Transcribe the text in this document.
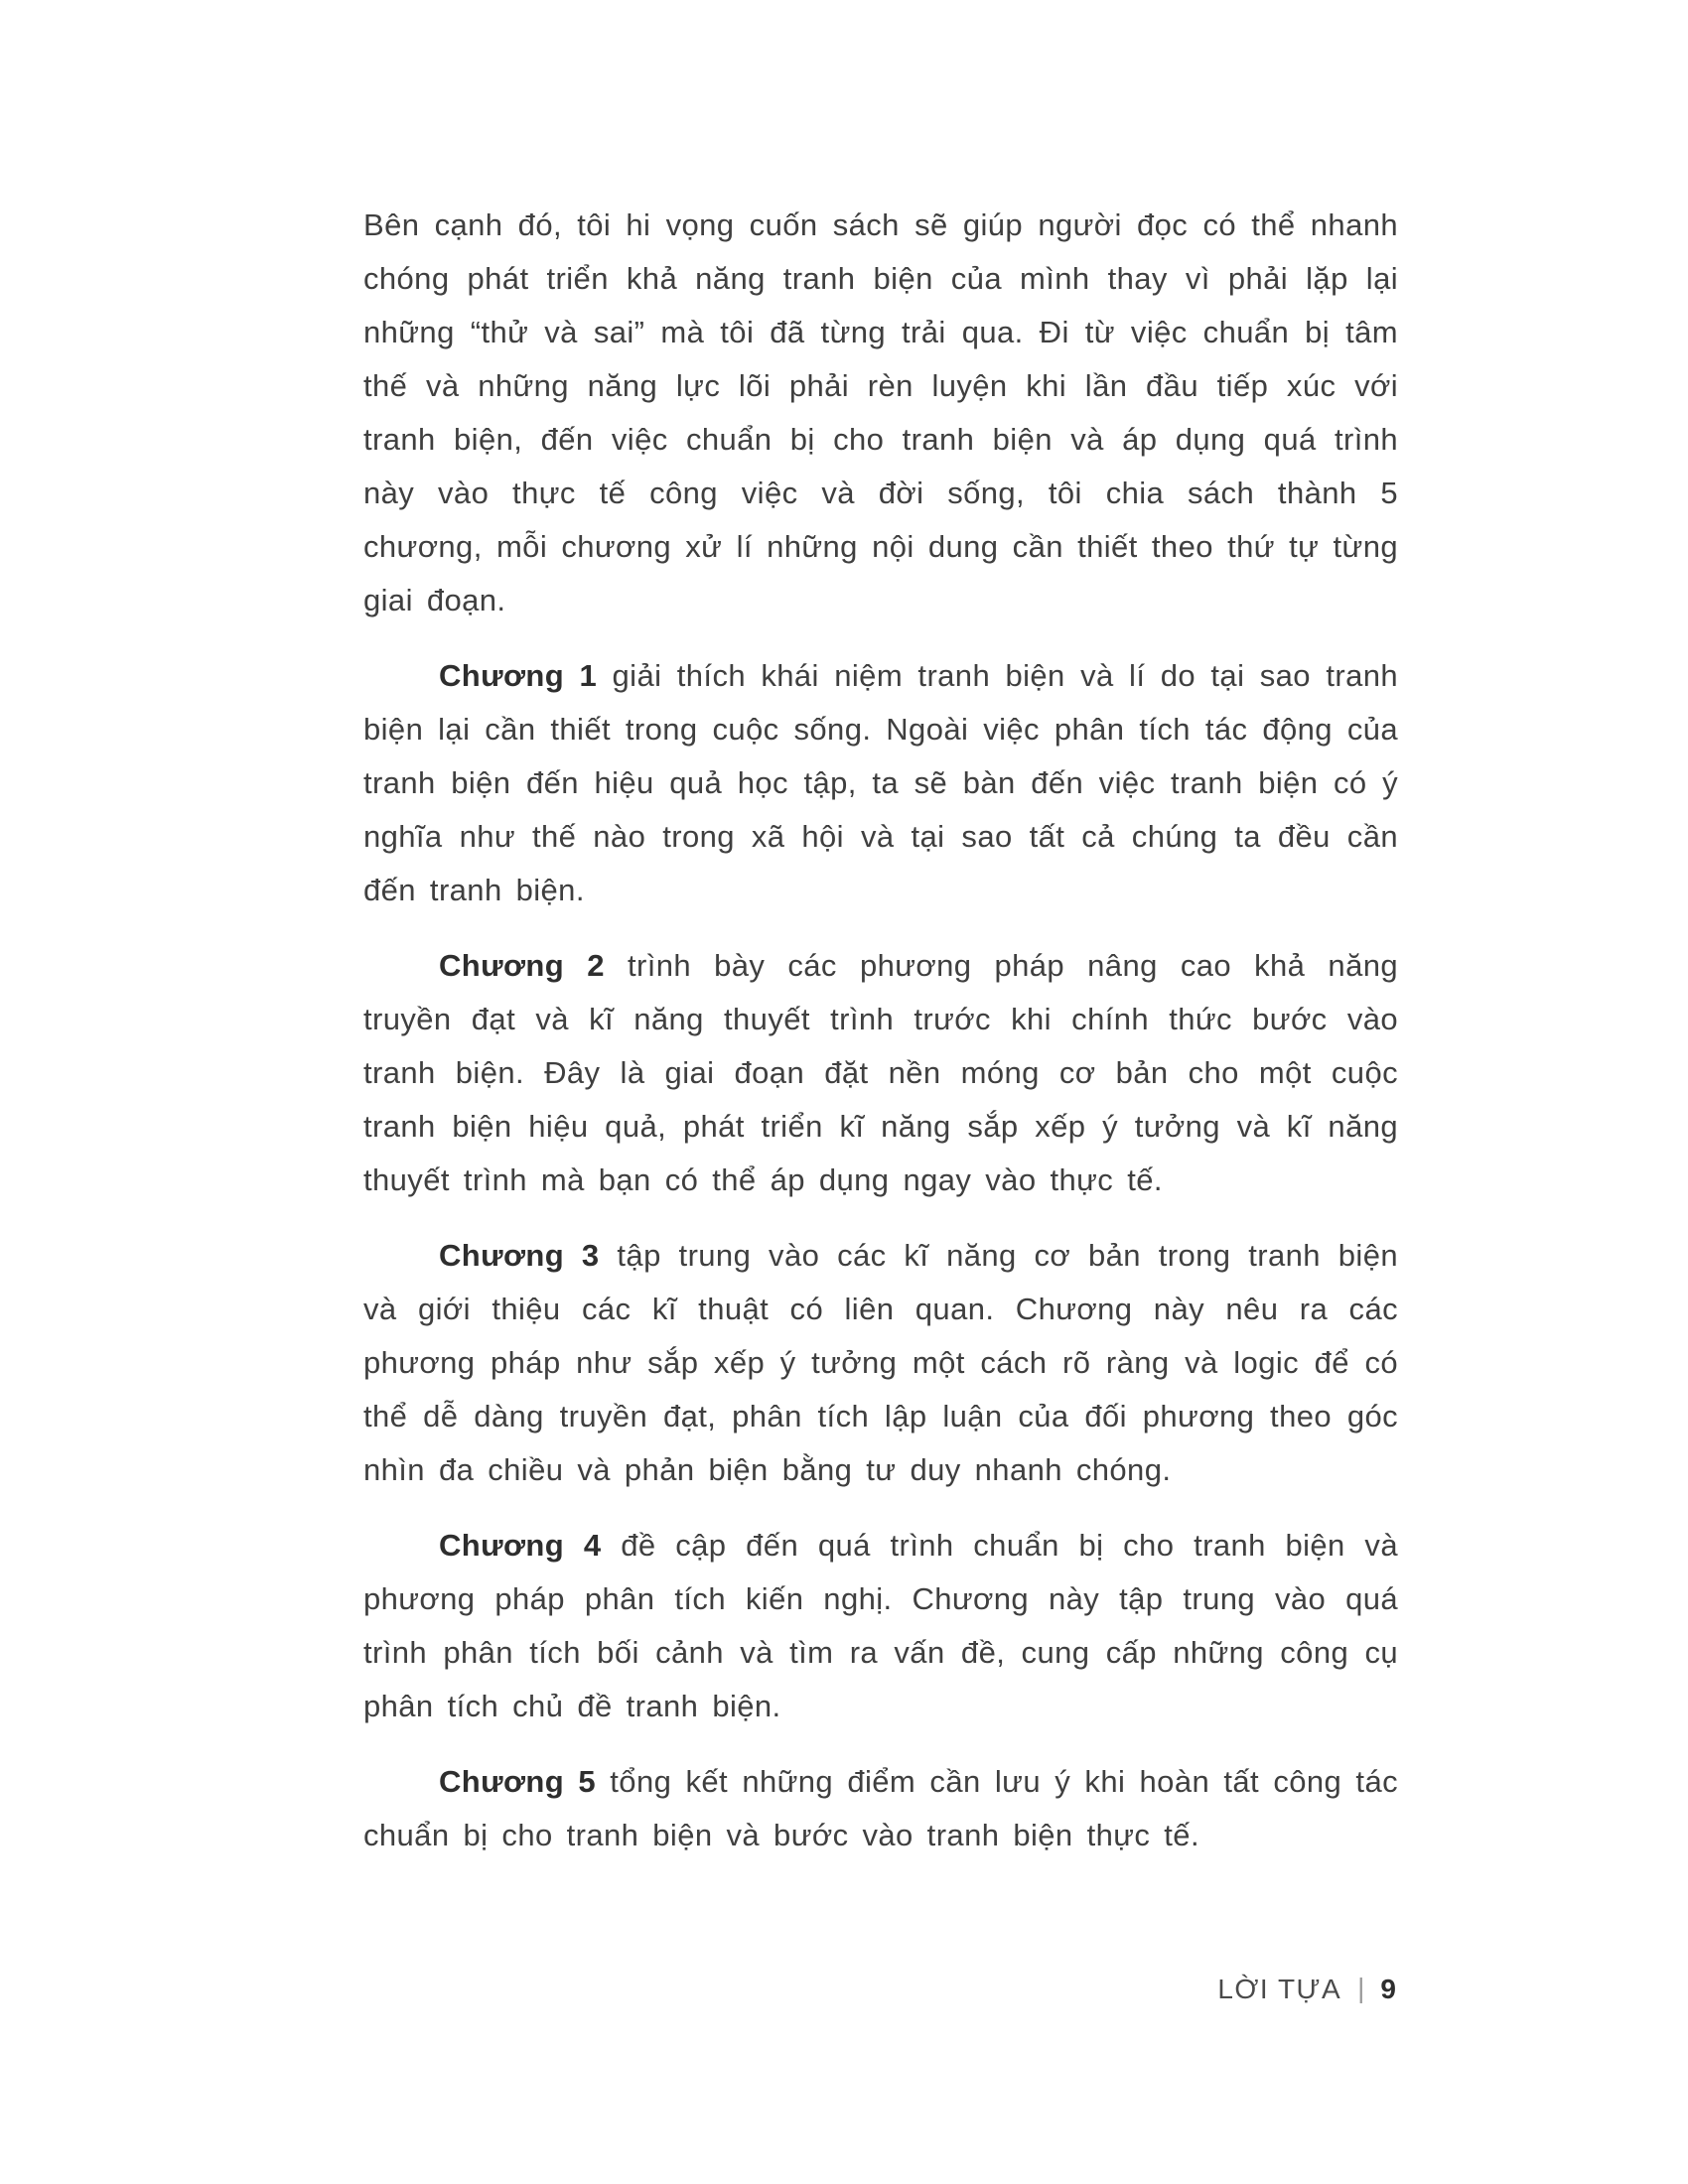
Bên cạnh đó, tôi hi vọng cuốn sách sẽ giúp người đọc có thể nhanh chóng phát triển khả năng tranh biện của mình thay vì phải lặp lại những “thử và sai” mà tôi đã từng trải qua. Đi từ việc chuẩn bị tâm thế và những năng lực lõi phải rèn luyện khi lần đầu tiếp xúc với tranh biện, đến việc chuẩn bị cho tranh biện và áp dụng quá trình này vào thực tế công việc và đời sống, tôi chia sách thành 5 chương, mỗi chương xử lí những nội dung cần thiết theo thứ tự từng giai đoạn.

Chương 1 giải thích khái niệm tranh biện và lí do tại sao tranh biện lại cần thiết trong cuộc sống. Ngoài việc phân tích tác động của tranh biện đến hiệu quả học tập, ta sẽ bàn đến việc tranh biện có ý nghĩa như thế nào trong xã hội và tại sao tất cả chúng ta đều cần đến tranh biện.

Chương 2 trình bày các phương pháp nâng cao khả năng truyền đạt và kĩ năng thuyết trình trước khi chính thức bước vào tranh biện. Đây là giai đoạn đặt nền móng cơ bản cho một cuộc tranh biện hiệu quả, phát triển kĩ năng sắp xếp ý tưởng và kĩ năng thuyết trình mà bạn có thể áp dụng ngay vào thực tế.

Chương 3 tập trung vào các kĩ năng cơ bản trong tranh biện và giới thiệu các kĩ thuật có liên quan. Chương này nêu ra các phương pháp như sắp xếp ý tưởng một cách rõ ràng và logic để có thể dễ dàng truyền đạt, phân tích lập luận của đối phương theo góc nhìn đa chiều và phản biện bằng tư duy nhanh chóng.

Chương 4 đề cập đến quá trình chuẩn bị cho tranh biện và phương pháp phân tích kiến nghị. Chương này tập trung vào quá trình phân tích bối cảnh và tìm ra vấn đề, cung cấp những công cụ phân tích chủ đề tranh biện.

Chương 5 tổng kết những điểm cần lưu ý khi hoàn tất công tác chuẩn bị cho tranh biện và bước vào tranh biện thực tế.

LỜI TỰA | 9
